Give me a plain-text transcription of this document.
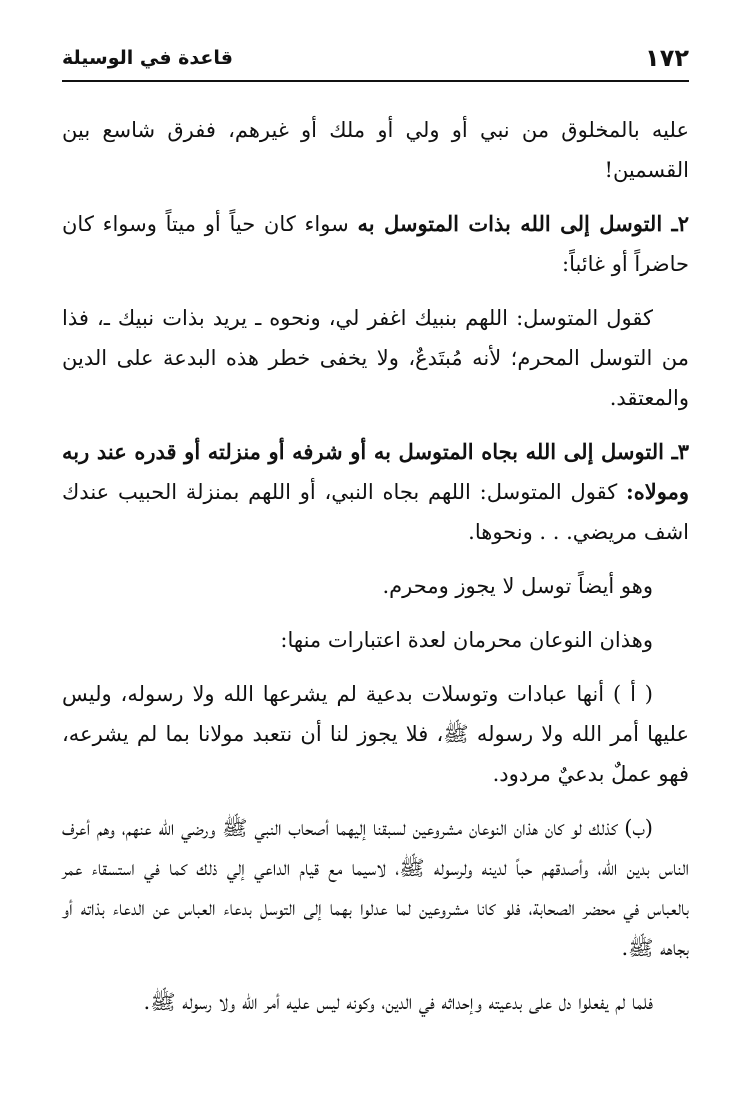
١٧٢
قاعدة في الوسيلة

عليه بالمخلوق من نبي أو ولي أو ملك أو غيرهم، ففرق شاسع بين القسمين!

٢ـ التوسل إلى الله بذات المتوسل به سواء كان حياً أو ميتاً وسواء كان حاضراً أو غائباً:

كقول المتوسل: اللهم بنبيك اغفر لي، ونحوه ـ يريد بذات نبيك ـ، فذا من التوسل المحرم؛ لأنه مُبتَدعٌ، ولا يخفى خطر هذه البدعة على الدين والمعتقد.

٣ـ التوسل إلى الله بجاه المتوسل به أو شرفه أو منزلته أو قدره عند ربه ومولاه: كقول المتوسل: اللهم بجاه النبي، أو اللهم بمنزلة الحبيب عندك اشف مريضي. . . ونحوها.

وهو أيضاً توسل لا يجوز ومحرم.

وهذان النوعان محرمان لعدة اعتبارات منها:

( أ ) أنها عبادات وتوسلات بدعية لم يشرعها الله ولا رسوله، وليس عليها أمر الله ولا رسوله ﷺ، فلا يجوز لنا أن نتعبد مولانا بما لم يشرعه، فهو عملٌ بدعيٌ مردود.

(ب) كذلك لو كان هذان النوعان مشروعين لسبقنا إليهما أصحاب النبي ﷺ ورضي الله عنهم، وهم أعرف الناس بدين الله، وأصدقهم حباً لدينه ولرسوله ﷺ، لاسيما مع قيام الداعي إلي ذلك كما في استسقاء عمر بالعباس في محضر الصحابة، فلو كانا مشروعين لما عدلوا بهما إلى التوسل بدعاء العباس عن الدعاء بذاته أو بجاهه ﷺ.

فلما لم يفعلوا دل على بدعيته وإحداثه في الدين، وكونه ليس عليه أمر الله ولا رسوله ﷺ.
